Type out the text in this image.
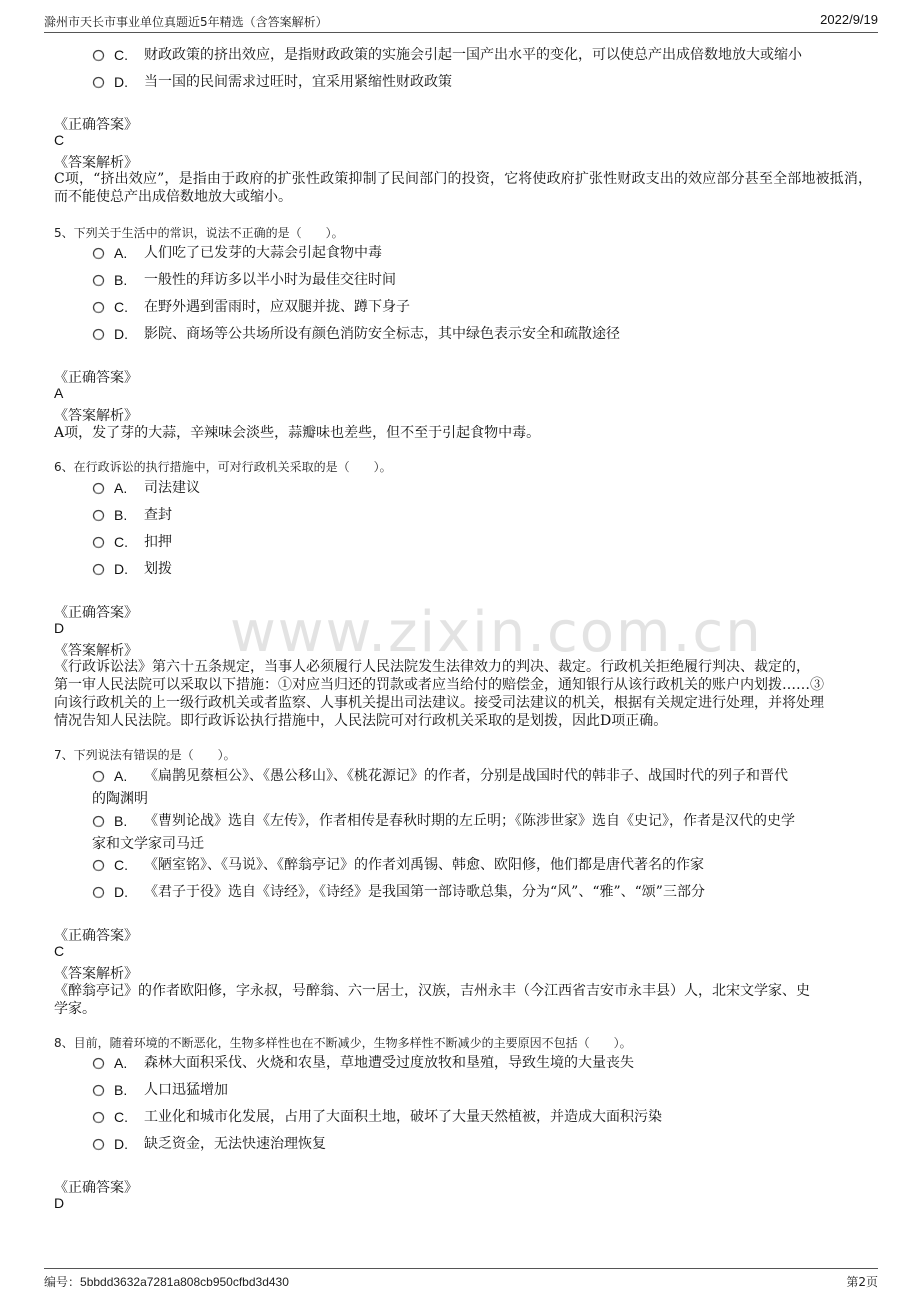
www.zixin.com.cn
滁州市天长市事业单位真题近5年精选（含答案解析）	2022/9/19
C. 财政政策的挤出效应，是指财政政策的实施会引起一国产出水平的变化，可以使总产出成倍数地放大或缩小
D. 当一国的民间需求过旺时，宜采用紧缩性财政政策
《正确答案》
C
《答案解析》
C项，“挤出效应”，是指由于政府的扩张性政策抑制了民间部门的投资，它将使政府扩张性财政支出的效应部分甚至全部地被抵消，而不能使总产出成倍数地放大或缩小。
5、下列关于生活中的常识，说法不正确的是（　　）。
A. 人们吃了已发芽的大蒜会引起食物中毒
B. 一般性的拜访多以半小时为最佳交往时间
C. 在野外遇到雷雨时，应双腿并拢、蹲下身子
D. 影院、商场等公共场所设有颜色消防安全标志，其中绿色表示安全和疏散途径
《正确答案》
A
《答案解析》
A项，发了芽的大蒜，辛辣味会淡些，蒜瓣味也差些，但不至于引起食物中毒。
6、在行政诉讼的执行措施中，可对行政机关采取的是（　　）。
A. 司法建议
B. 查封
C. 扣押
D. 划拨
《正确答案》
D
《答案解析》
《行政诉讼法》第六十五条规定，当事人必须履行人民法院发生法律效力的判决、裁定。行政机关拒绝履行判决、裁定的，
第一审人民法院可以采取以下措施：①对应当归还的罚款或者应当给付的赔偿金，通知银行从该行政机关的账户内划拨……③
向该行政机关的上一级行政机关或者监察、人事机关提出司法建议。接受司法建议的机关，根据有关规定进行处理，并将处理
情况告知人民法院。即行政诉讼执行措施中，人民法院可对行政机关采取的是划拨，因此D项正确。
7、下列说法有错误的是（　　）。
A. 《扁鹊见蔡桓公》、《愚公移山》、《桃花源记》的作者，分别是战国时代的韩非子、战国时代的列子和晋代
的陶渊明
B. 《曹刿论战》选自《左传》，作者相传是春秋时期的左丘明；《陈涉世家》选自《史记》，作者是汉代的史学
家和文学家司马迁
C. 《陋室铭》、《马说》、《醉翁亭记》的作者刘禹锡、韩愈、欧阳修，他们都是唐代著名的作家
D. 《君子于役》选自《诗经》，《诗经》是我国第一部诗歌总集，分为“风”、“雅”、“颂”三部分
《正确答案》
C
《答案解析》
《醉翁亭记》的作者欧阳修，字永叔，号醉翁、六一居士，汉族，吉州永丰（今江西省吉安市永丰县）人，北宋文学家、史
学家。
8、目前，随着环境的不断恶化，生物多样性也在不断减少，生物多样性不断减少的主要原因不包括（　　）。
A. 森林大面积采伐、火烧和农垦，草地遭受过度放牧和垦殖，导致生境的大量丧失
B. 人口迅猛增加
C. 工业化和城市化发展，占用了大面积土地，破坏了大量天然植被，并造成大面积污染
D. 缺乏资金，无法快速治理恢复
《正确答案》
D
编号：5bbdd3632a7281a808cb950cfbd3d430	第2页
